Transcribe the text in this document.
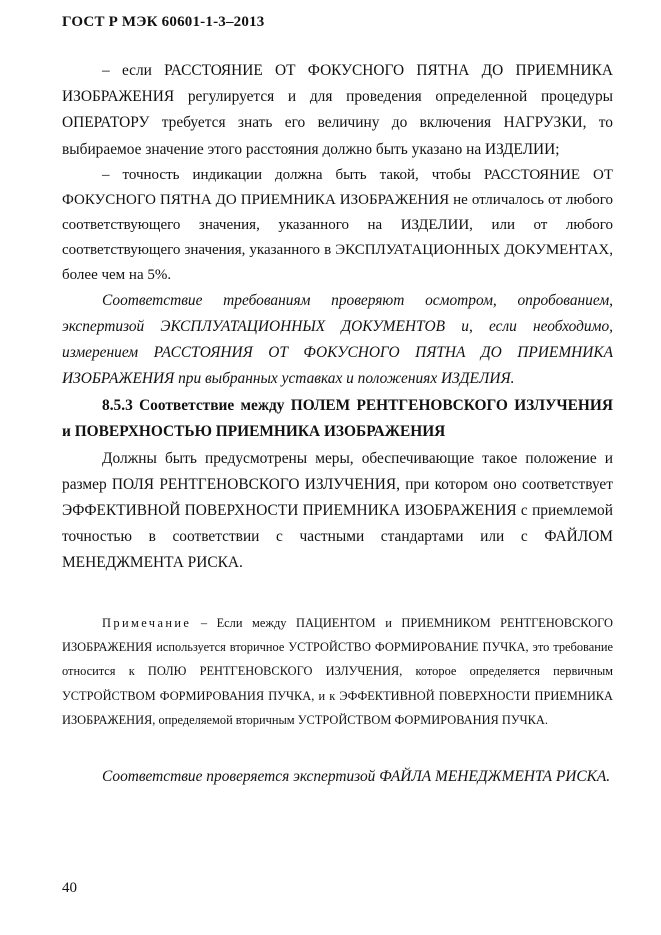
ГОСТ Р МЭК 60601-1-3–2013

– если РАССТОЯНИЕ ОТ ФОКУСНОГО ПЯТНА ДО ПРИЕМНИКА ИЗОБРАЖЕНИЯ регулируется и для проведения определенной процедуры ОПЕРАТОРУ требуется знать его величину до включения НАГРУЗКИ, то выбираемое значение этого расстояния должно быть указано на ИЗДЕЛИИ;

– точность индикации должна быть такой, чтобы РАССТОЯНИЕ ОТ ФОКУСНОГО ПЯТНА ДО ПРИЕМНИКА ИЗОБРАЖЕНИЯ не отличалось от любого соответствующего значения, указанного на ИЗДЕЛИИ, или от любого соответствующего значения, указанного в ЭКСПЛУАТАЦИОННЫХ ДОКУМЕНТАХ, более чем на 5%.

Соответствие требованиям проверяют осмотром, опробованием, экспертизой ЭКСПЛУАТАЦИОННЫХ ДОКУМЕНТОВ и, если необходимо, измерением РАССТОЯНИЯ ОТ ФОКУСНОГО ПЯТНА ДО ПРИЕМНИКА ИЗОБРАЖЕНИЯ при выбранных уставках и положениях ИЗДЕЛИЯ.

8.5.3 Соответствие между ПОЛЕМ РЕНТГЕНОВСКОГО ИЗЛУЧЕНИЯ и ПОВЕРХНОСТЬЮ ПРИЕМНИКА ИЗОБРАЖЕНИЯ

Должны быть предусмотрены меры, обеспечивающие такое положение и размер ПОЛЯ РЕНТГЕНОВСКОГО ИЗЛУЧЕНИЯ, при котором оно соответствует ЭФФЕКТИВНОЙ ПОВЕРХНОСТИ ПРИЕМНИКА ИЗОБРАЖЕНИЯ с приемлемой точностью в соответствии с частными стандартами или с ФАЙЛОМ МЕНЕДЖМЕНТА РИСКА.

Примечание – Если между ПАЦИЕНТОМ и ПРИЕМНИКОМ РЕНТГЕНОВСКОГО ИЗОБРАЖЕНИЯ используется вторичное УСТРОЙСТВО ФОРМИРОВАНИЕ ПУЧКА, это требование относится к ПОЛЮ РЕНТГЕНОВСКОГО ИЗЛУЧЕНИЯ, которое определяется первичным УСТРОЙСТВОМ ФОРМИРОВАНИЯ ПУЧКА, и к ЭФФЕКТИВНОЙ ПОВЕРХНОСТИ ПРИЕМНИКА ИЗОБРАЖЕНИЯ, определяемой вторичным УСТРОЙСТВОМ ФОРМИРОВАНИЯ ПУЧКА.

Соответствие проверяется экспертизой ФАЙЛА МЕНЕДЖМЕНТА РИСКА.

40
